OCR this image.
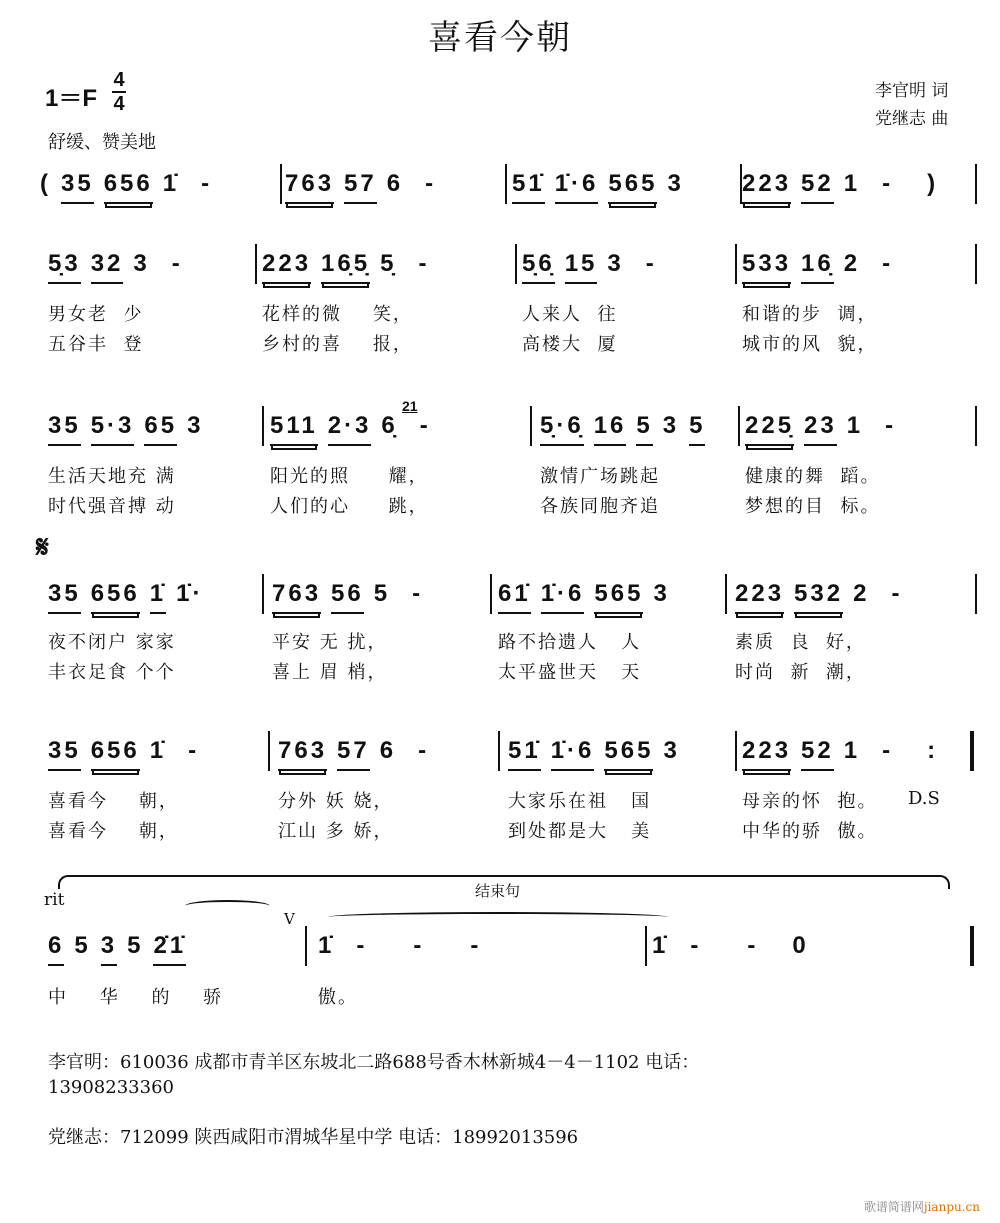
喜看今朝
1＝F
4
4
舒缓、赞美地
李官明 词
党继志 曲
𝄋
rit	结束句
D.S
V
21
( 35 656 1̇ -	763 57 6 -	51̇ 1̇·6 565 3 223 52 1 - )
5̣3 32 3 -	223 16̣5̣ 5̣ -	5̣6̣ 15 3 -	533 16̣ 2 -
男女老  少	花样的微    笑，	人来人  往	和谐的步  调，
五谷丰  登	乡村的喜    报，	高楼大  厦	城市的风  貌，
35 5·3 65 3	511 2·3 6̣ -	5̣·6̣ 16 5 3 5 225̣ 23 1 -
生活天地充 满	阳光的照     耀，	激情广场跳起	健康的舞  蹈。
时代强音搏 动	人们的心     跳，	各族同胞齐追	梦想的目  标。
35 656 1̇ 1̇·	763 56 5 -	61̇ 1̇·6 565 3	223 532 2 -
夜不闭户 家家	平安 无 扰，	路不拾遗人   人	素质  良  好，
丰衣足食 个个	喜上 眉 梢，	太平盛世天   天	时尚  新  潮，
35 656 1̇ -	763 57 6 -	51̇ 1̇·6 565 3	223 52 1 - :
喜看今    朝，	分外 妖 娆，	大家乐在祖   国	母亲的怀  抱。
喜看今    朝，	江山 多 娇，	到处都是大   美	中华的骄  傲。
6 5 3 5 2̇1̇	1̇ - - -	1̇ - - 0
中 华 的 骄	傲。
李官明：610036 成都市青羊区东坡北二路688号香木林新城4－4－1102 电话：
13908233360
党继志：712099 陕西咸阳市渭城华星中学 电话：18992013596
歌谱简谱网jianpu.cn
